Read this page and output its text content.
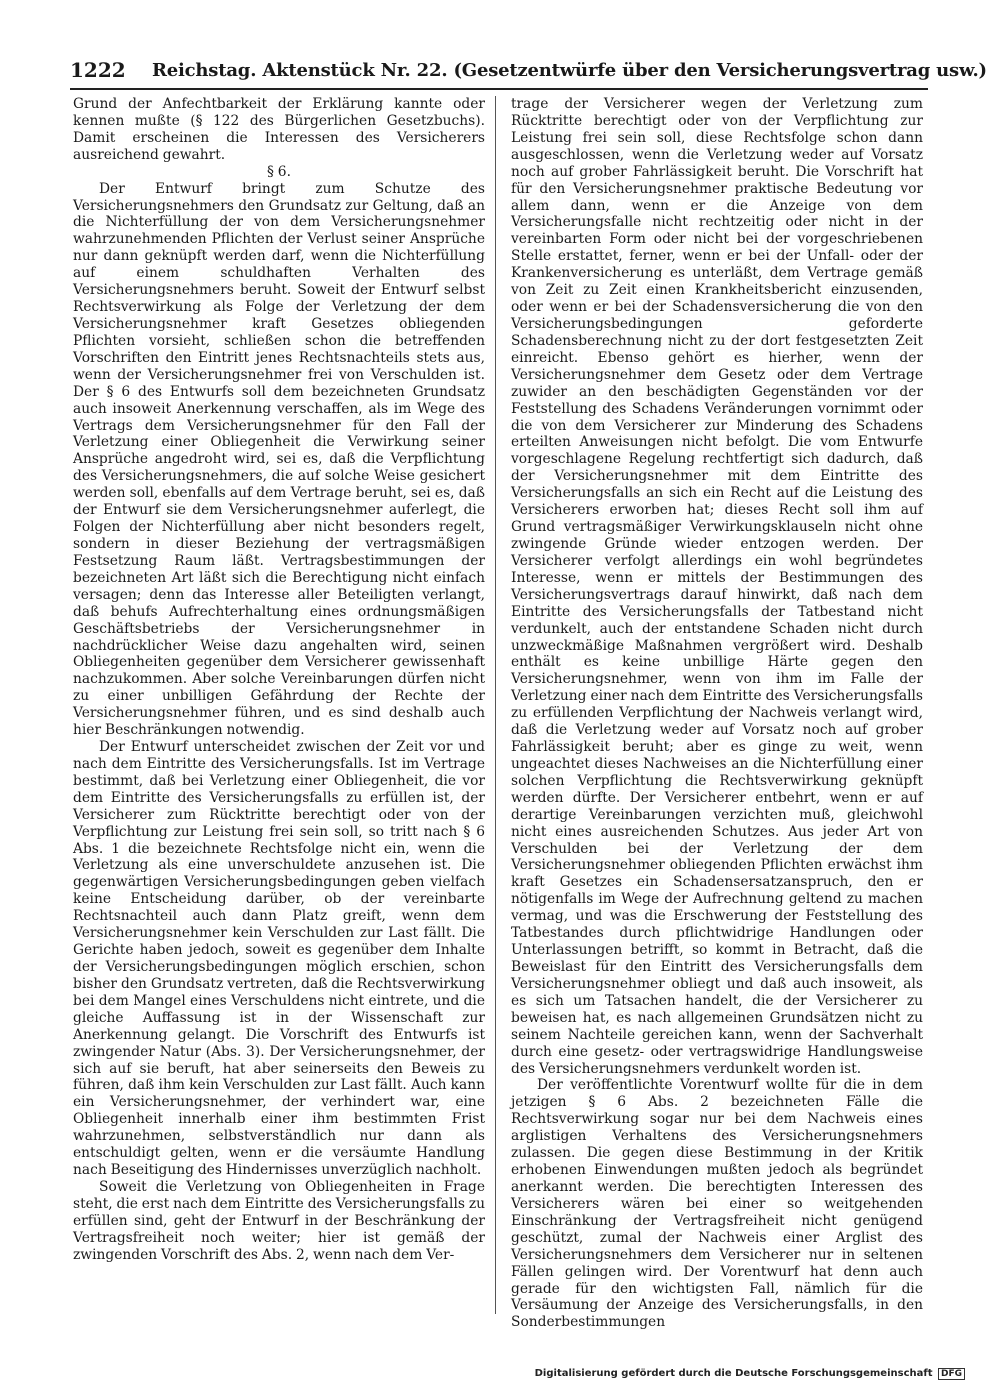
1222 Reichstag. Aktenstück Nr. 22. (Gesetzentwürfe über den Versicherungsvertrag usw.)

Grund der Anfechtbarkeit der Erklärung kannte oder kennen mußte (§ 122 des Bürgerlichen Gesetzbuchs). Damit erscheinen die Interessen des Versicherers ausreichend gewahrt.

§ 6.

Der Entwurf bringt zum Schutze des Versicherungsnehmers den Grundsatz zur Geltung, daß an die Nichterfüllung der von dem Versicherungsnehmer wahrzunehmenden Pflichten der Verlust seiner Ansprüche nur dann geknüpft werden darf, wenn die Nichterfüllung auf einem schuldhaften Verhalten des Versicherungsnehmers beruht. Soweit der Entwurf selbst Rechtsverwirkung als Folge der Verletzung der dem Versicherungsnehmer kraft Gesetzes obliegenden Pflichten vorsieht, schließen schon die betreffenden Vorschriften den Eintritt jenes Rechtsnachteils stets aus, wenn der Versicherungsnehmer frei von Verschulden ist. Der § 6 des Entwurfs soll dem bezeichneten Grundsatz auch insoweit Anerkennung verschaffen, als im Wege des Vertrags dem Versicherungsnehmer für den Fall der Verletzung einer Obliegenheit die Verwirkung seiner Ansprüche angedroht wird, sei es, daß die Verpflichtung des Versicherungsnehmers, die auf solche Weise gesichert werden soll, ebenfalls auf dem Vertrage beruht, sei es, daß der Entwurf sie dem Versicherungsnehmer auferlegt, die Folgen der Nichterfüllung aber nicht besonders regelt, sondern in dieser Beziehung der vertragsmäßigen Festsetzung Raum läßt. Vertragsbestimmungen der bezeichneten Art läßt sich die Berechtigung nicht einfach versagen; denn das Interesse aller Beteiligten verlangt, daß behufs Aufrechterhaltung eines ordnungsmäßigen Geschäftsbetriebs der Versicherungsnehmer in nachdrücklicher Weise dazu angehalten wird, seinen Obliegenheiten gegenüber dem Versicherer gewissenhaft nachzukommen. Aber solche Vereinbarungen dürfen nicht zu einer unbilligen Gefährdung der Rechte der Versicherungsnehmer führen, und es sind deshalb auch hier Beschränkungen notwendig.

Der Entwurf unterscheidet zwischen der Zeit vor und nach dem Eintritte des Versicherungsfalls. Ist im Vertrage bestimmt, daß bei Verletzung einer Obliegenheit, die vor dem Eintritte des Versicherungsfalls zu erfüllen ist, der Versicherer zum Rücktritte berechtigt oder von der Verpflichtung zur Leistung frei sein soll, so tritt nach § 6 Abs. 1 die bezeichnete Rechtsfolge nicht ein, wenn die Verletzung als eine unverschuldete anzusehen ist. Die gegenwärtigen Versicherungsbedingungen geben vielfach keine Entscheidung darüber, ob der vereinbarte Rechtsnachteil auch dann Platz greift, wenn dem Versicherungsnehmer kein Verschulden zur Last fällt. Die Gerichte haben jedoch, soweit es gegenüber dem Inhalte der Versicherungsbedingungen möglich erschien, schon bisher den Grundsatz vertreten, daß die Rechtsverwirkung bei dem Mangel eines Verschuldens nicht eintrete, und die gleiche Auffassung ist in der Wissenschaft zur Anerkennung gelangt. Die Vorschrift des Entwurfs ist zwingender Natur (Abs. 3). Der Versicherungsnehmer, der sich auf sie beruft, hat aber seinerseits den Beweis zu führen, daß ihm kein Verschulden zur Last fällt. Auch kann ein Versicherungsnehmer, der verhindert war, eine Obliegenheit innerhalb einer ihm bestimmten Frist wahrzunehmen, selbstverständlich nur dann als entschuldigt gelten, wenn er die versäumte Handlung nach Beseitigung des Hindernisses unverzüglich nachholt.

Soweit die Verletzung von Obliegenheiten in Frage steht, die erst nach dem Eintritte des Versicherungsfalls zu erfüllen sind, geht der Entwurf in der Beschränkung der Vertragsfreiheit noch weiter; hier ist gemäß der zwingenden Vorschrift des Abs. 2, wenn nach dem Ver-

trage der Versicherer wegen der Verletzung zum Rücktritte berechtigt oder von der Verpflichtung zur Leistung frei sein soll, diese Rechtsfolge schon dann ausgeschlossen, wenn die Verletzung weder auf Vorsatz noch auf grober Fahrlässigkeit beruht. Die Vorschrift hat für den Versicherungsnehmer praktische Bedeutung vor allem dann, wenn er die Anzeige von dem Versicherungsfalle nicht rechtzeitig oder nicht in der vereinbarten Form oder nicht bei der vorgeschriebenen Stelle erstattet, ferner, wenn er bei der Unfall- oder der Krankenversicherung es unterläßt, dem Vertrage gemäß von Zeit zu Zeit einen Krankheitsbericht einzusenden, oder wenn er bei der Schadensversicherung die von den Versicherungsbedingungen geforderte Schadensberechnung nicht zu der dort festgesetzten Zeit einreicht. Ebenso gehört es hierher, wenn der Versicherungsnehmer dem Gesetz oder dem Vertrage zuwider an den beschädigten Gegenständen vor der Feststellung des Schadens Veränderungen vornimmt oder die von dem Versicherer zur Minderung des Schadens erteilten Anweisungen nicht befolgt. Die vom Entwurfe vorgeschlagene Regelung rechtfertigt sich dadurch, daß der Versicherungsnehmer mit dem Eintritte des Versicherungsfalls an sich ein Recht auf die Leistung des Versicherers erworben hat; dieses Recht soll ihm auf Grund vertragsmäßiger Verwirkungsklauseln nicht ohne zwingende Gründe wieder entzogen werden. Der Versicherer verfolgt allerdings ein wohl begründetes Interesse, wenn er mittels der Bestimmungen des Versicherungsvertrags darauf hinwirkt, daß nach dem Eintritte des Versicherungsfalls der Tatbestand nicht verdunkelt, auch der entstandene Schaden nicht durch unzweckmäßige Maßnahmen vergrößert wird. Deshalb enthält es keine unbillige Härte gegen den Versicherungsnehmer, wenn von ihm im Falle der Verletzung einer nach dem Eintritte des Versicherungsfalls zu erfüllenden Verpflichtung der Nachweis verlangt wird, daß die Verletzung weder auf Vorsatz noch auf grober Fahrlässigkeit beruht; aber es ginge zu weit, wenn ungeachtet dieses Nachweises an die Nichterfüllung einer solchen Verpflichtung die Rechtsverwirkung geknüpft werden dürfte. Der Versicherer entbehrt, wenn er auf derartige Vereinbarungen verzichten muß, gleichwohl nicht eines ausreichenden Schutzes. Aus jeder Art von Verschulden bei der Verletzung der dem Versicherungsnehmer obliegenden Pflichten erwächst ihm kraft Gesetzes ein Schadensersatzanspruch, den er nötigenfalls im Wege der Aufrechnung geltend zu machen vermag, und was die Erschwerung der Feststellung des Tatbestandes durch pflichtwidrige Handlungen oder Unterlassungen betrifft, so kommt in Betracht, daß die Beweislast für den Eintritt des Versicherungsfalls dem Versicherungsnehmer obliegt und daß auch insoweit, als es sich um Tatsachen handelt, die der Versicherer zu beweisen hat, es nach allgemeinen Grundsätzen nicht zu seinem Nachteile gereichen kann, wenn der Sachverhalt durch eine gesetz- oder vertragswidrige Handlungsweise des Versicherungsnehmers verdunkelt worden ist.

Der veröffentlichte Vorentwurf wollte für die in dem jetzigen § 6 Abs. 2 bezeichneten Fälle die Rechtsverwirkung sogar nur bei dem Nachweis eines arglistigen Verhaltens des Versicherungsnehmers zulassen. Die gegen diese Bestimmung in der Kritik erhobenen Einwendungen mußten jedoch als begründet anerkannt werden. Die berechtigten Interessen des Versicherers wären bei einer so weitgehenden Einschränkung der Vertragsfreiheit nicht genügend geschützt, zumal der Nachweis einer Arglist des Versicherungsnehmers dem Versicherer nur in seltenen Fällen gelingen wird. Der Vorentwurf hat denn auch gerade für den wichtigsten Fall, nämlich für die Versäumung der Anzeige des Versicherungsfalls, in den Sonderbestimmungen

Digitalisierung gefördert durch die Deutsche Forschungsgemeinschaft DFG
